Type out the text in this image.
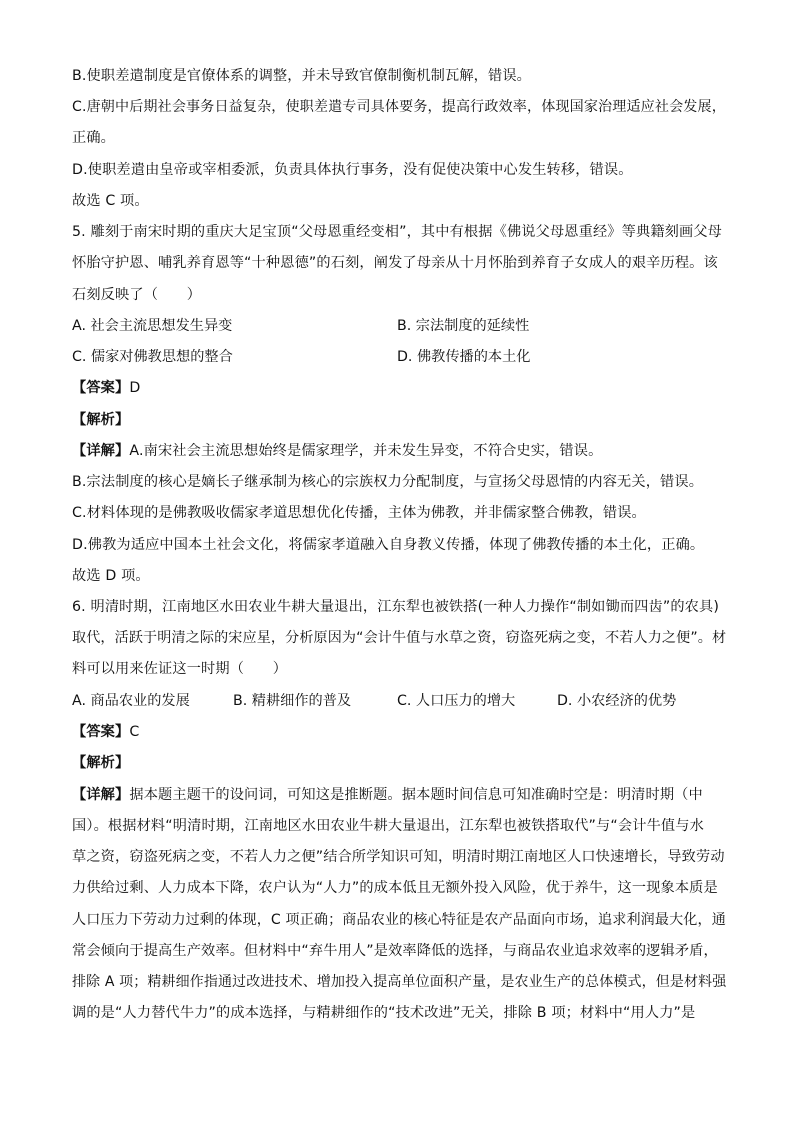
B.使职差遣制度是官僚体系的调整，并未导致官僚制衡机制瓦解，错误。
C.唐朝中后期社会事务日益复杂，使职差遣专司具体要务，提高行政效率，体现国家治理适应社会发展，
正确。
D.使职差遣由皇帝或宰相委派，负责具体执行事务，没有促使决策中心发生转移，错误。
故选 C 项。
5. 雕刻于南宋时期的重庆大足宝顶“父母恩重经变相”，其中有根据《佛说父母恩重经》等典籍刻画父母
怀胎守护恩、哺乳养育恩等“十种恩德”的石刻，阐发了母亲从十月怀胎到养育子女成人的艰辛历程。该
石刻反映了（　　）
A. 社会主流思想发生异变	B. 宗法制度的延续性
C. 儒家对佛教思想的整合	D. 佛教传播的本土化
【答案】D
【解析】
【详解】A.南宋社会主流思想始终是儒家理学，并未发生异变，不符合史实，错误。
B.宗法制度的核心是嫡长子继承制为核心的宗族权力分配制度，与宣扬父母恩情的内容无关，错误。
C.材料体现的是佛教吸收儒家孝道思想优化传播，主体为佛教，并非儒家整合佛教，错误。
D.佛教为适应中国本土社会文化，将儒家孝道融入自身教义传播，体现了佛教传播的本土化，正确。
故选 D 项。
6. 明清时期，江南地区水田农业牛耕大量退出，江东犁也被铁搭(一种人力操作“制如锄而四齿”的农具)
取代，活跃于明清之际的宋应星，分析原因为“会计牛值与水草之资，窃盗死病之变，不若人力之便”。材
料可以用来佐证这一时期（　　）
A. 商品农业的发展	B. 精耕细作的普及	C. 人口压力的增大	D. 小农经济的优势
【答案】C
【解析】
【详解】据本题主题干的设问词，可知这是推断题。据本题时间信息可知准确时空是：明清时期（中
国）。根据材料“明清时期，江南地区水田农业牛耕大量退出，江东犁也被铁搭取代”与“会计牛值与水
草之资，窃盗死病之变，不若人力之便”结合所学知识可知，明清时期江南地区人口快速增长，导致劳动
力供给过剩、人力成本下降，农户认为“人力”的成本低且无额外投入风险，优于养牛，这一现象本质是
人口压力下劳动力过剩的体现，C 项正确；商品农业的核心特征是农产品面向市场，追求利润最大化，通
常会倾向于提高生产效率。但材料中“弃牛用人”是效率降低的选择，与商品农业追求效率的逻辑矛盾，
排除 A 项；精耕细作指通过改进技术、增加投入提高单位面积产量，是农业生产的总体模式，但是材料强
调的是“人力替代牛力”的成本选择，与精耕细作的“技术改进”无关，排除 B 项；材料中“用人力”是
